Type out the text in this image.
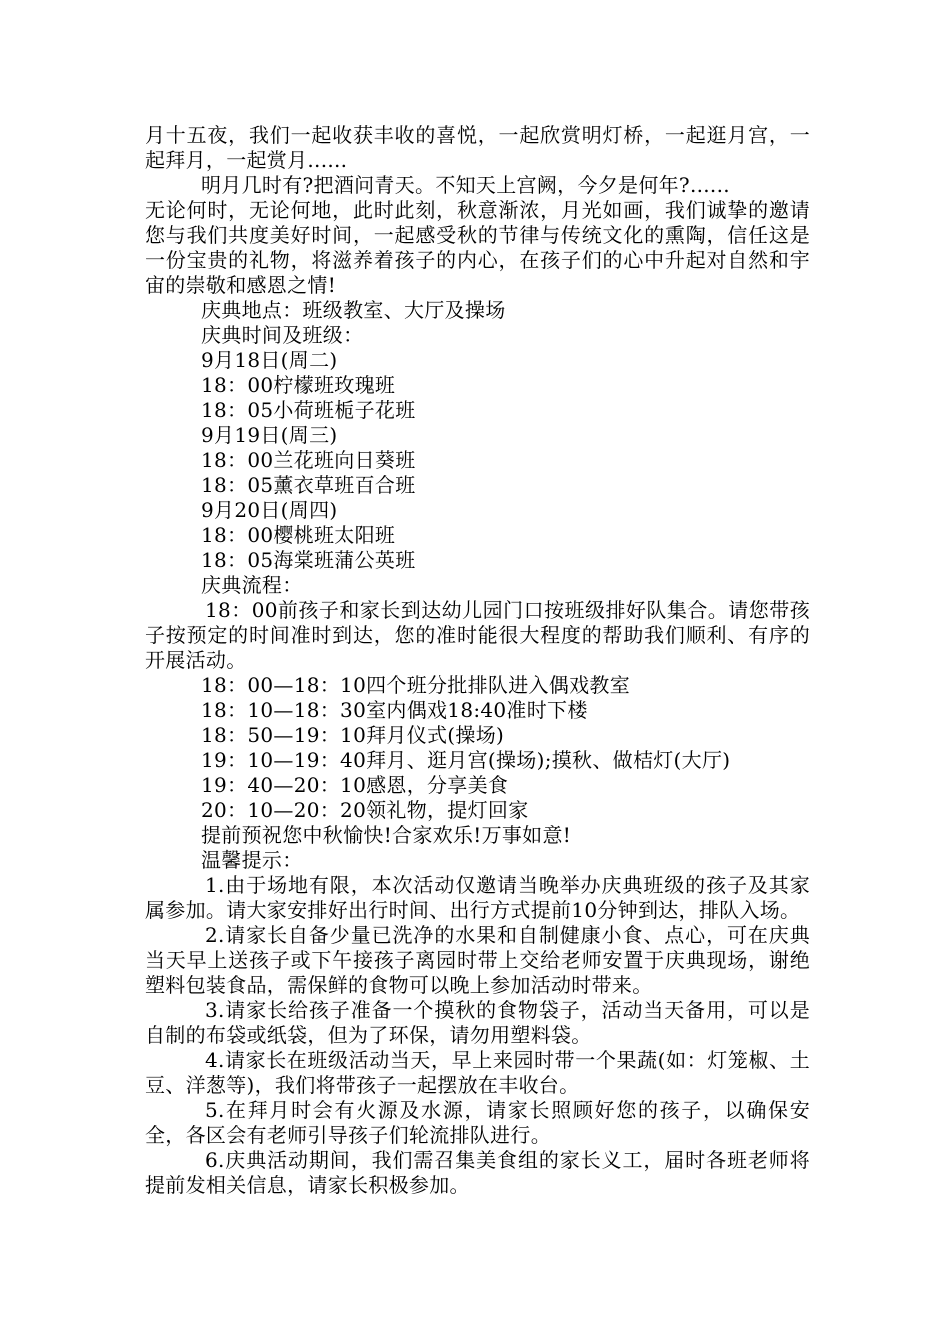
月十五夜，我们一起收获丰收的喜悦，一起欣赏明灯桥，一起逛月宫，一起拜月，一起赏月......

明月几时有?把酒问青天。不知天上宫阙，今夕是何年?......

无论何时，无论何地，此时此刻，秋意渐浓，月光如画，我们诚挚的邀请您与我们共度美好时间，一起感受秋的节律与传统文化的熏陶，信任这是一份宝贵的礼物，将滋养着孩子的内心，在孩子们的心中升起对自然和宇宙的崇敬和感恩之情!

庆典地点：班级教室、大厅及操场

庆典时间及班级：

9月18日(周二)

18：00柠檬班玫瑰班

18：05小荷班栀子花班

9月19日(周三)

18：00兰花班向日葵班

18：05薰衣草班百合班

9月20日(周四)

18：00樱桃班太阳班

18：05海棠班蒲公英班

庆典流程：

18：00前孩子和家长到达幼儿园门口按班级排好队集合。请您带孩子按预定的时间准时到达，您的准时能很大程度的帮助我们顺利、有序的开展活动。

18：00—18：10四个班分批排队进入偶戏教室

18：10—18：30室内偶戏18:40准时下楼

18：50—19：10拜月仪式(操场)

19：10—19：40拜月、逛月宫(操场);摸秋、做桔灯(大厅)

19：40—20：10感恩，分享美食

20：10—20：20领礼物，提灯回家

提前预祝您中秋愉快!合家欢乐!万事如意!

温馨提示：

1.由于场地有限，本次活动仅邀请当晚举办庆典班级的孩子及其家属参加。请大家安排好出行时间、出行方式提前10分钟到达，排队入场。

2.请家长自备少量已洗净的水果和自制健康小食、点心，可在庆典当天早上送孩子或下午接孩子离园时带上交给老师安置于庆典现场，谢绝塑料包装食品，需保鲜的食物可以晚上参加活动时带来。

3.请家长给孩子准备一个摸秋的食物袋子，活动当天备用，可以是自制的布袋或纸袋，但为了环保，请勿用塑料袋。

4.请家长在班级活动当天，早上来园时带一个果蔬(如：灯笼椒、土豆、洋葱等)，我们将带孩子一起摆放在丰收台。

5.在拜月时会有火源及水源，请家长照顾好您的孩子，以确保安全，各区会有老师引导孩子们轮流排队进行。

6.庆典活动期间，我们需召集美食组的家长义工，届时各班老师将提前发相关信息，请家长积极参加。
